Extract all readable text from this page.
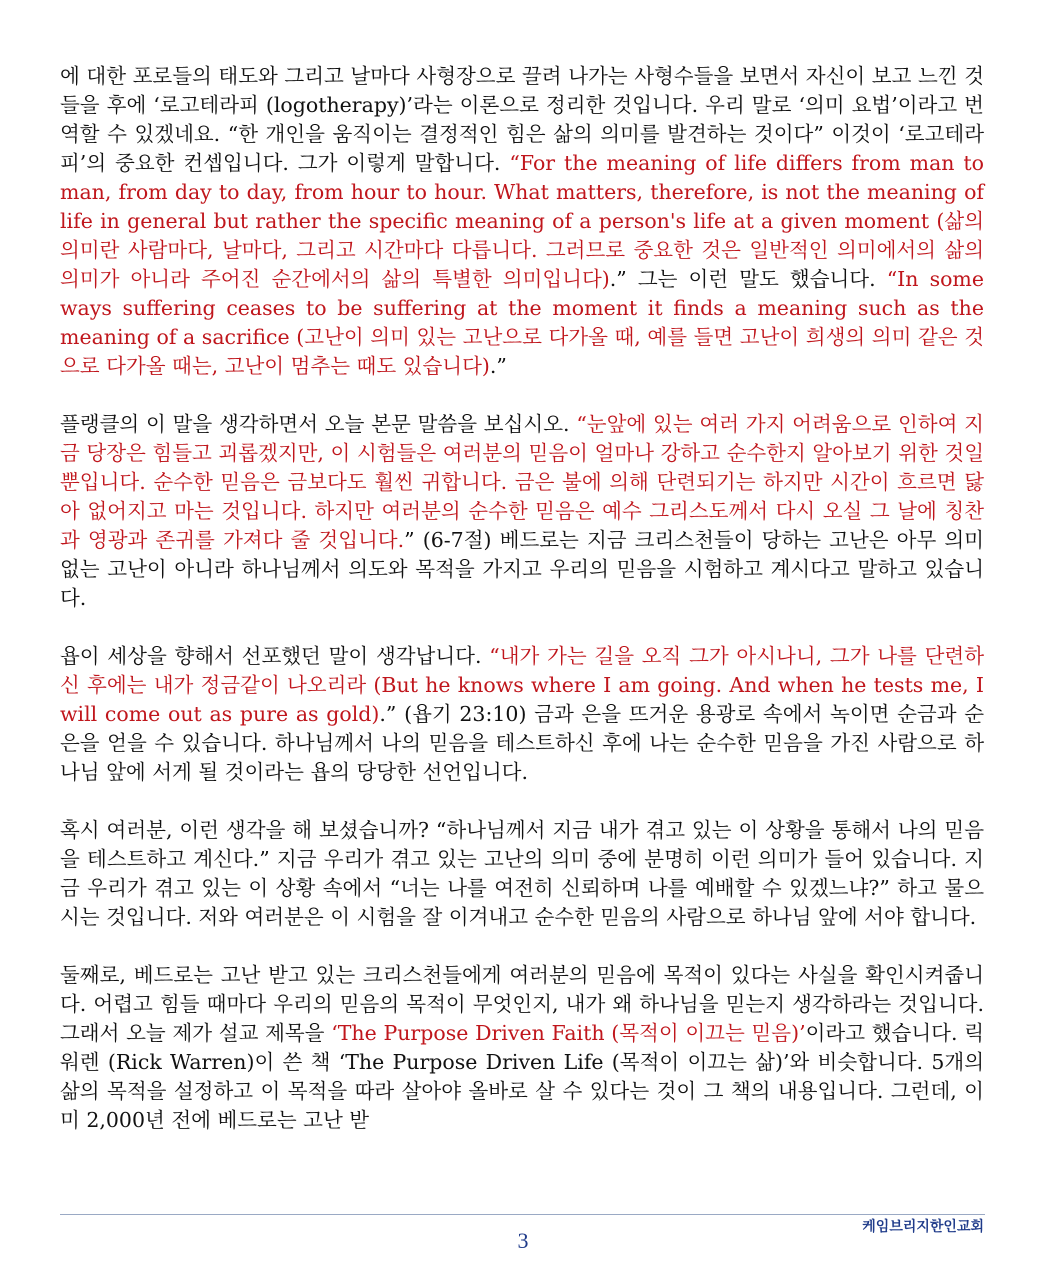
에 대한 포로들의 태도와 그리고 날마다 사형장으로 끌려 나가는 사형수들을 보면서 자신이 보고 느낀 것들을 후에 ‘로고테라피 (logotherapy)’라는 이론으로 정리한 것입니다. 우리 말로 ‘의미 요법’이라고 번역할 수 있겠네요. “한 개인을 움직이는 결정적인 힘은 삶의 의미를 발견하는 것이다” 이것이 ‘로고테라피’의 중요한 컨셉입니다. 그가 이렇게 말합니다. “For the meaning of life differs from man to man, from day to day, from hour to hour. What matters, therefore, is not the meaning of life in general but rather the specific meaning of a person's life at a given moment (삶의 의미란 사람마다, 날마다, 그리고 시간마다 다릅니다. 그러므로 중요한 것은 일반적인 의미에서의 삶의 의미가 아니라 주어진 순간에서의 삶의 특별한 의미입니다).” 그는 이런 말도 했습니다. “In some ways suffering ceases to be suffering at the moment it finds a meaning such as the meaning of a sacrifice (고난이 의미 있는 고난으로 다가올 때, 예를 들면 고난이 희생의 의미 같은 것으로 다가올 때는, 고난이 멈추는 때도 있습니다).”

플랭클의 이 말을 생각하면서 오늘 본문 말씀을 보십시오. “눈앞에 있는 여러 가지 어려움으로 인하여 지금 당장은 힘들고 괴롭겠지만, 이 시험들은 여러분의 믿음이 얼마나 강하고 순수한지 알아보기 위한 것일 뿐입니다. 순수한 믿음은 금보다도 훨씬 귀합니다. 금은 불에 의해 단련되기는 하지만 시간이 흐르면 닳아 없어지고 마는 것입니다. 하지만 여러분의 순수한 믿음은 예수 그리스도께서 다시 오실 그 날에 칭찬과 영광과 존귀를 가져다 줄 것입니다.” (6-7절) 베드로는 지금 크리스천들이 당하는 고난은 아무 의미 없는 고난이 아니라 하나님께서 의도와 목적을 가지고 우리의 믿음을 시험하고 계시다고 말하고 있습니다.

욥이 세상을 향해서 선포했던 말이 생각납니다. “내가 가는 길을 오직 그가 아시나니, 그가 나를 단련하신 후에는 내가 정금같이 나오리라 (But he knows where I am going. And when he tests me, I will come out as pure as gold).” (욥기 23:10) 금과 은을 뜨거운 용광로 속에서 녹이면 순금과 순은을 얻을 수 있습니다. 하나님께서 나의 믿음을 테스트하신 후에 나는 순수한 믿음을 가진 사람으로 하나님 앞에 서게 될 것이라는 욥의 당당한 선언입니다.

혹시 여러분, 이런 생각을 해 보셨습니까? “하나님께서 지금 내가 겪고 있는 이 상황을 통해서 나의 믿음을 테스트하고 계신다.” 지금 우리가 겪고 있는 고난의 의미 중에 분명히 이런 의미가 들어 있습니다. 지금 우리가 겪고 있는 이 상황 속에서 “너는 나를 여전히 신뢰하며 나를 예배할 수 있겠느냐?” 하고 물으시는 것입니다. 저와 여러분은 이 시험을 잘 이겨내고 순수한 믿음의 사람으로 하나님 앞에 서야 합니다.

둘째로, 베드로는 고난 받고 있는 크리스천들에게 여러분의 믿음에 목적이 있다는 사실을 확인시켜줍니다. 어렵고 힘들 때마다 우리의 믿음의 목적이 무엇인지, 내가 왜 하나님을 믿는지 생각하라는 것입니다. 그래서 오늘 제가 설교 제목을 ‘The Purpose Driven Faith (목적이 이끄는 믿음)’이라고 했습니다. 릭 워렌 (Rick Warren)이 쓴 책 ‘The Purpose Driven Life (목적이 이끄는 삶)’와 비슷합니다. 5개의 삶의 목적을 설정하고 이 목적을 따라 살아야 올바로 살 수 있다는 것이 그 책의 내용입니다. 그런데, 이미 2,000년 전에 베드로는 고난 받

케임브리지한인교회
3
